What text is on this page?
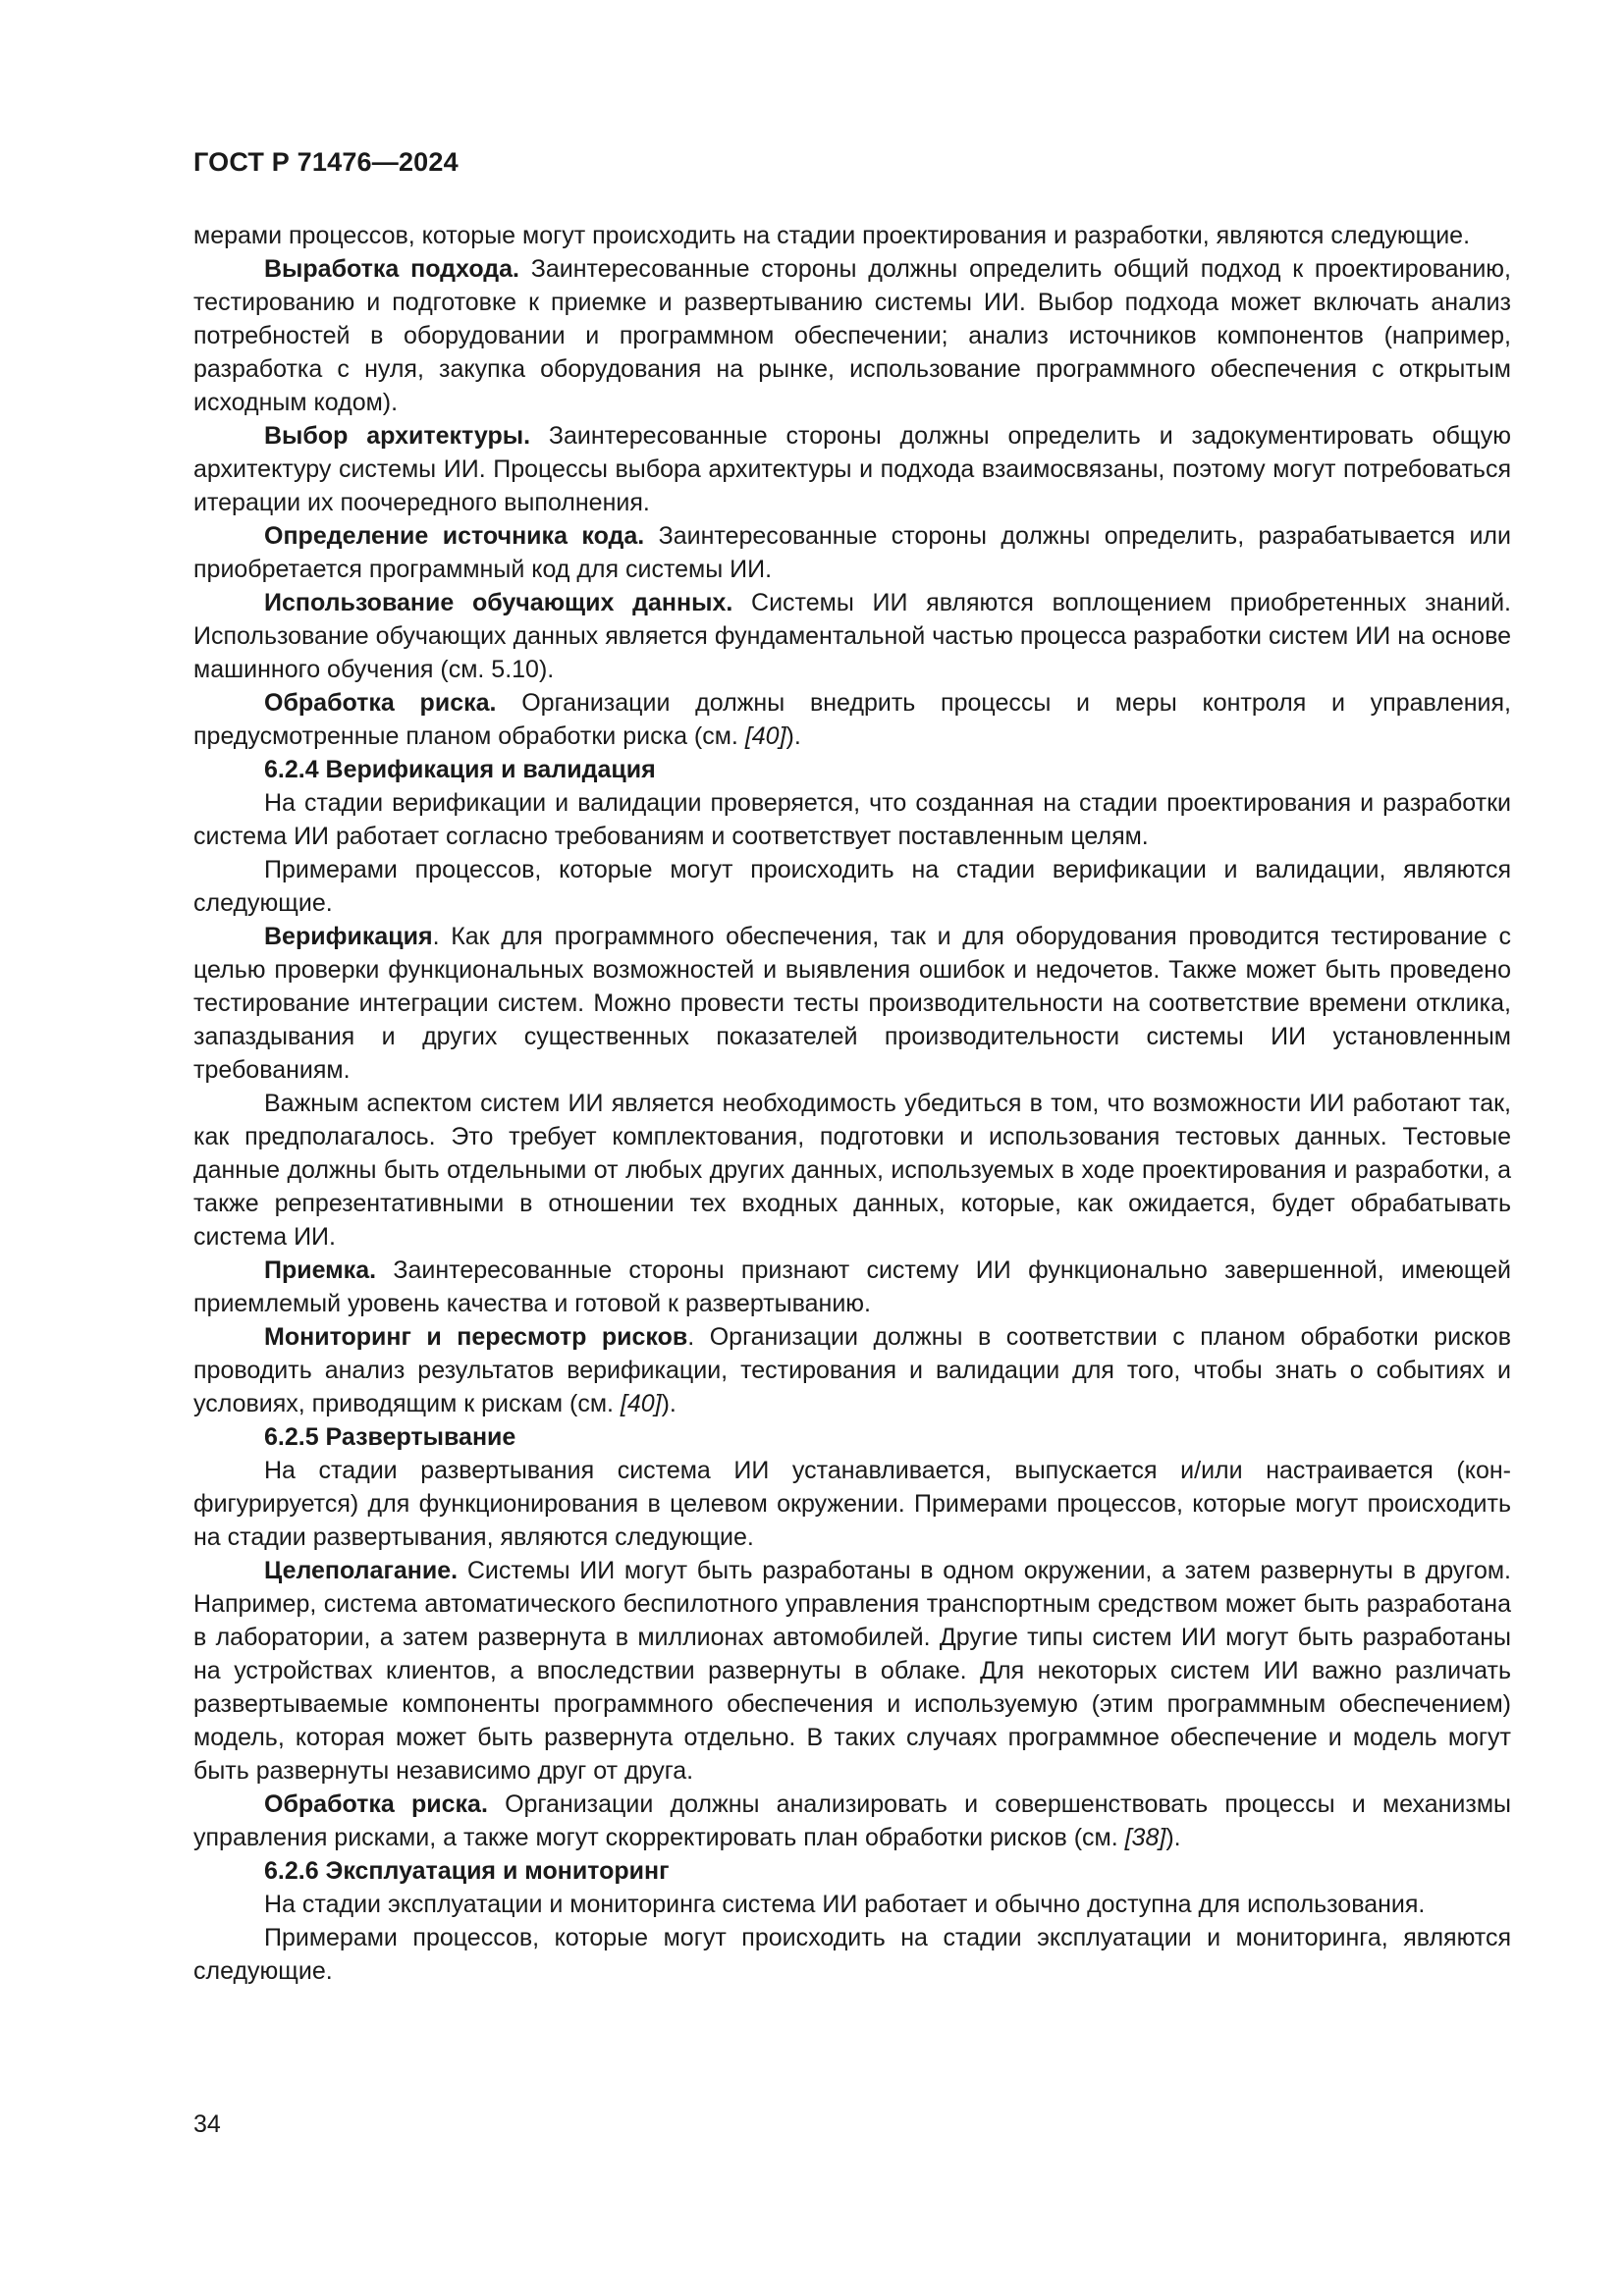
ГОСТ Р 71476—2024

мерами процессов, которые могут происходить на стадии проектирования и разработки, являются следующие.

Выработка подхода. Заинтересованные стороны должны определить общий подход к проектированию, тестированию и подготовке к приемке и развертыванию системы ИИ. Выбор подхода может включать анализ потребностей в оборудовании и программном обеспечении; анализ источников компонентов (например, разработка с нуля, закупка оборудования на рынке, использование программного обеспечения с открытым исходным кодом).

Выбор архитектуры. Заинтересованные стороны должны определить и задокументировать общую архитектуру системы ИИ. Процессы выбора архитектуры и подхода взаимосвязаны, поэтому могут потребоваться итерации их поочередного выполнения.

Определение источника кода. Заинтересованные стороны должны определить, разрабатывается или приобретается программный код для системы ИИ.

Использование обучающих данных. Системы ИИ являются воплощением приобретенных знаний. Использование обучающих данных является фундаментальной частью процесса разработки систем ИИ на основе машинного обучения (см. 5.10).

Обработка риска. Организации должны внедрить процессы и меры контроля и управления, предусмотренные планом обработки риска (см. [40]).

6.2.4 Верификация и валидация

На стадии верификации и валидации проверяется, что созданная на стадии проектирования и разработки система ИИ работает согласно требованиям и соответствует поставленным целям.

Примерами процессов, которые могут происходить на стадии верификации и валидации, являются следующие.

Верификация. Как для программного обеспечения, так и для оборудования проводится тестирование с целью проверки функциональных возможностей и выявления ошибок и недочетов. Также может быть проведено тестирование интеграции систем. Можно провести тесты производительности на соответствие времени отклика, запаздывания и других существенных показателей производительности системы ИИ установленным требованиям.

Важным аспектом систем ИИ является необходимость убедиться в том, что возможности ИИ работают так, как предполагалось. Это требует комплектования, подготовки и использования тестовых данных. Тестовые данные должны быть отдельными от любых других данных, используемых в ходе проектирования и разработки, а также репрезентативными в отношении тех входных данных, которые, как ожидается, будет обрабатывать система ИИ.

Приемка. Заинтересованные стороны признают систему ИИ функционально завершенной, имеющей приемлемый уровень качества и готовой к развертыванию.

Мониторинг и пересмотр рисков. Организации должны в соответствии с планом обработки рисков проводить анализ результатов верификации, тестирования и валидации для того, чтобы знать о событиях и условиях, приводящим к рискам (см. [40]).

6.2.5 Развертывание

На стадии развертывания система ИИ устанавливается, выпускается и/или настраивается (конфигурируется) для функционирования в целевом окружении. Примерами процессов, которые могут происходить на стадии развертывания, являются следующие.

Целеполагание. Системы ИИ могут быть разработаны в одном окружении, а затем развернуты в другом. Например, система автоматического беспилотного управления транспортным средством может быть разработана в лаборатории, а затем развернута в миллионах автомобилей. Другие типы систем ИИ могут быть разработаны на устройствах клиентов, а впоследствии развернуты в облаке. Для некоторых систем ИИ важно различать развертываемые компоненты программного обеспечения и используемую (этим программным обеспечением) модель, которая может быть развернута отдельно. В таких случаях программное обеспечение и модель могут быть развернуты независимо друг от друга.

Обработка риска. Организации должны анализировать и совершенствовать процессы и механизмы управления рисками, а также могут скорректировать план обработки рисков (см. [38]).

6.2.6 Эксплуатация и мониторинг

На стадии эксплуатации и мониторинга система ИИ работает и обычно доступна для использования.

Примерами процессов, которые могут происходить на стадии эксплуатации и мониторинга, являются следующие.

34
